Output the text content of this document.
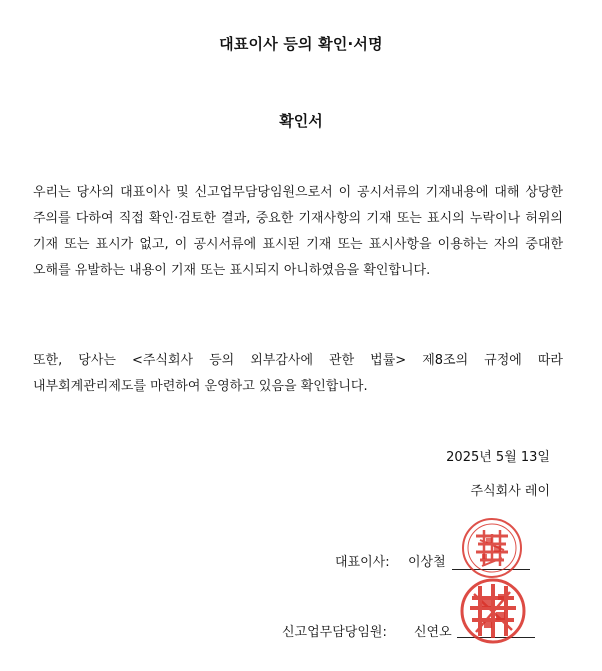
대표이사 등의 확인·서명
확인서
우리는 당사의 대표이사 및 신고업무담당임원으로서 이 공시서류의 기재내용에 대해 상당한 주의를 다하여 직접 확인·검토한 결과, 중요한 기재사항의 기재 또는 표시의 누락이나 허위의 기재 또는 표시가 없고, 이 공시서류에 표시된 기재 또는 표시사항을 이용하는 자의 중대한 오해를 유발하는 내용이 기재 또는 표시되지 아니하였음을 확인합니다.
또한, 당사는 <주식회사 등의 외부감사에 관한 법률> 제8조의 규정에 따라 내부회계관리제도를 마련하여 운영하고 있음을 확인합니다.
2025년 5월 13일
주식회사 레이
대표이사: 이상철
신고업무담당임원: 신연오
